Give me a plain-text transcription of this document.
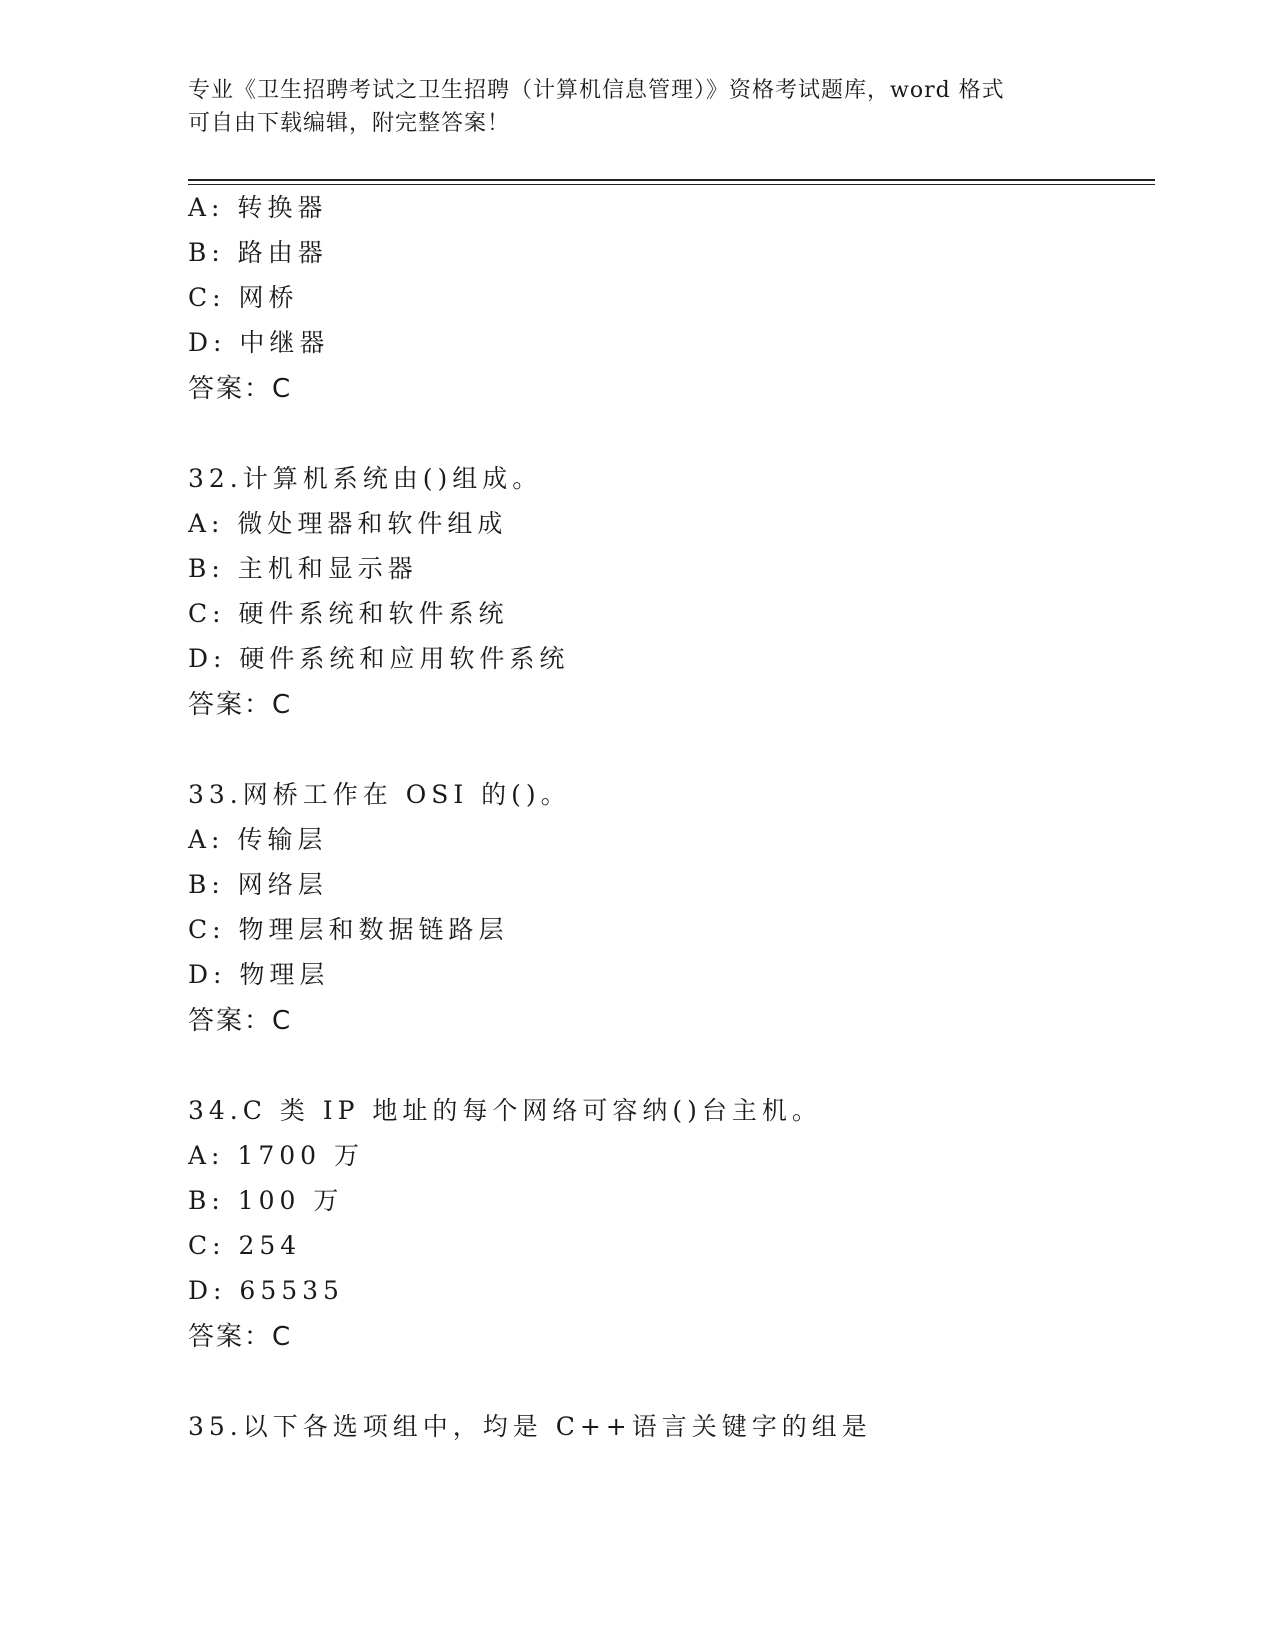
专业《卫生招聘考试之卫生招聘（计算机信息管理）》资格考试题库，word 格式
可自由下载编辑，附完整答案！
A: 转换器
B: 路由器
C: 网桥
D: 中继器
答案：C
32.计算机系统由()组成。
A: 微处理器和软件组成
B: 主机和显示器
C: 硬件系统和软件系统
D: 硬件系统和应用软件系统
答案：C
33.网桥工作在 OSI 的()。
A: 传输层
B: 网络层
C: 物理层和数据链路层
D: 物理层
答案：C
34.C 类 IP 地址的每个网络可容纳()台主机。
A: 1700 万
B: 100 万
C: 254
D: 65535
答案：C
35.以下各选项组中，均是 C++语言关键字的组是
